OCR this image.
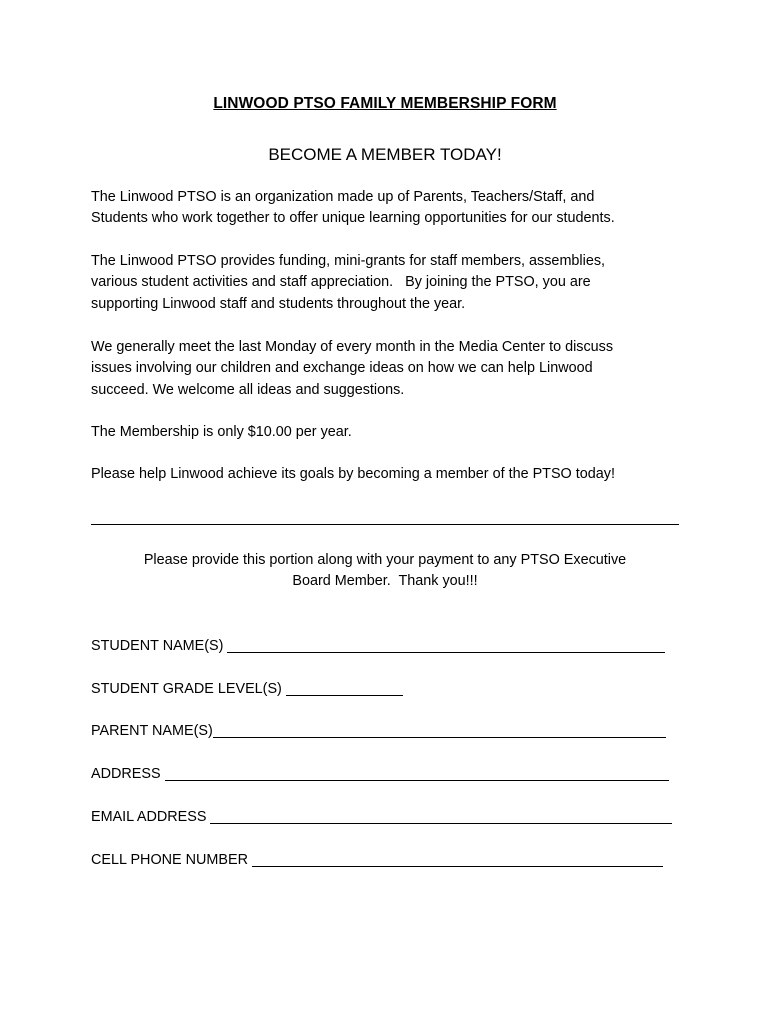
LINWOOD PTSO FAMILY MEMBERSHIP FORM
BECOME A MEMBER TODAY!

The Linwood PTSO is an organization made up of Parents, Teachers/Staff, and
Students who work together to offer unique learning opportunities for our students.

The Linwood PTSO provides funding, mini-grants for staff members, assemblies,
various student activities and staff appreciation.   By joining the PTSO, you are
supporting Linwood staff and students throughout the year.

We generally meet the last Monday of every month in the Media Center to discuss
issues involving our children and exchange ideas on how we can help Linwood
succeed. We welcome all ideas and suggestions.

The Membership is only $10.00 per year.

Please help Linwood achieve its goals by becoming a member of the PTSO today!

Please provide this portion along with your payment to any PTSO Executive
Board Member.  Thank you!!!
STUDENT NAME(S)
STUDENT GRADE LEVEL(S)
PARENT NAME(S)
ADDRESS
EMAIL ADDRESS
CELL PHONE NUMBER
